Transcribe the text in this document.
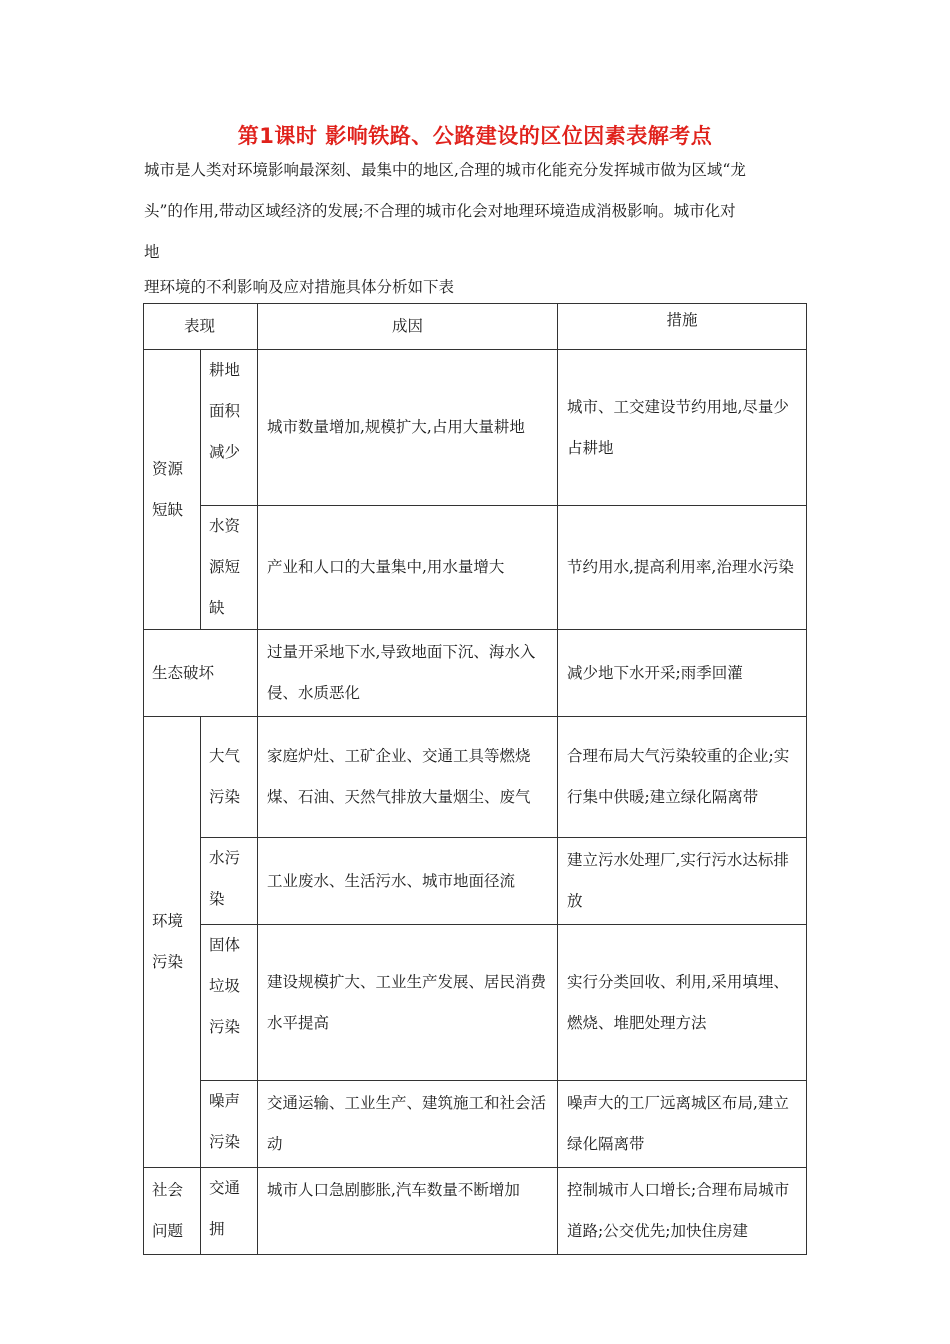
第1课时 影响铁路、公路建设的区位因素表解考点

城市是人类对环境影响最深刻、最集中的地区,合理的城市化能充分发挥城市做为区域“龙

头”的作用,带动区域经济的发展;不合理的城市化会对地理环境造成消极影响。城市化对

地

理环境的不利影响及应对措施具体分析如下表

表现		成因	措施
资源短缺	耕地面积减少	城市数量增加,规模扩大,占用大量耕地	城市、工交建设节约用地,尽量少占耕地
	水资源短缺	产业和人口的大量集中,用水量增大	节约用水,提高利用率,治理水污染
生态破坏		过量开采地下水,导致地面下沉、海水入侵、水质恶化	减少地下水开采;雨季回灌
环境污染	大气污染	家庭炉灶、工矿企业、交通工具等燃烧煤、石油、天然气排放大量烟尘、废气	合理布局大气污染较重的企业;实行集中供暖;建立绿化隔离带
	水污染	工业废水、生活污水、城市地面径流	建立污水处理厂,实行污水达标排放
	固体垃圾污染	建设规模扩大、工业生产发展、居民消费水平提高	实行分类回收、利用,采用填埋、燃烧、堆肥处理方法
	噪声污染	交通运输、工业生产、建筑施工和社会活动	噪声大的工厂远离城区布局,建立绿化隔离带
社会问题	交通拥	城市人口急剧膨胀,汽车数量不断增加	控制城市人口增长;合理布局城市道路;公交优先;加快住房建
